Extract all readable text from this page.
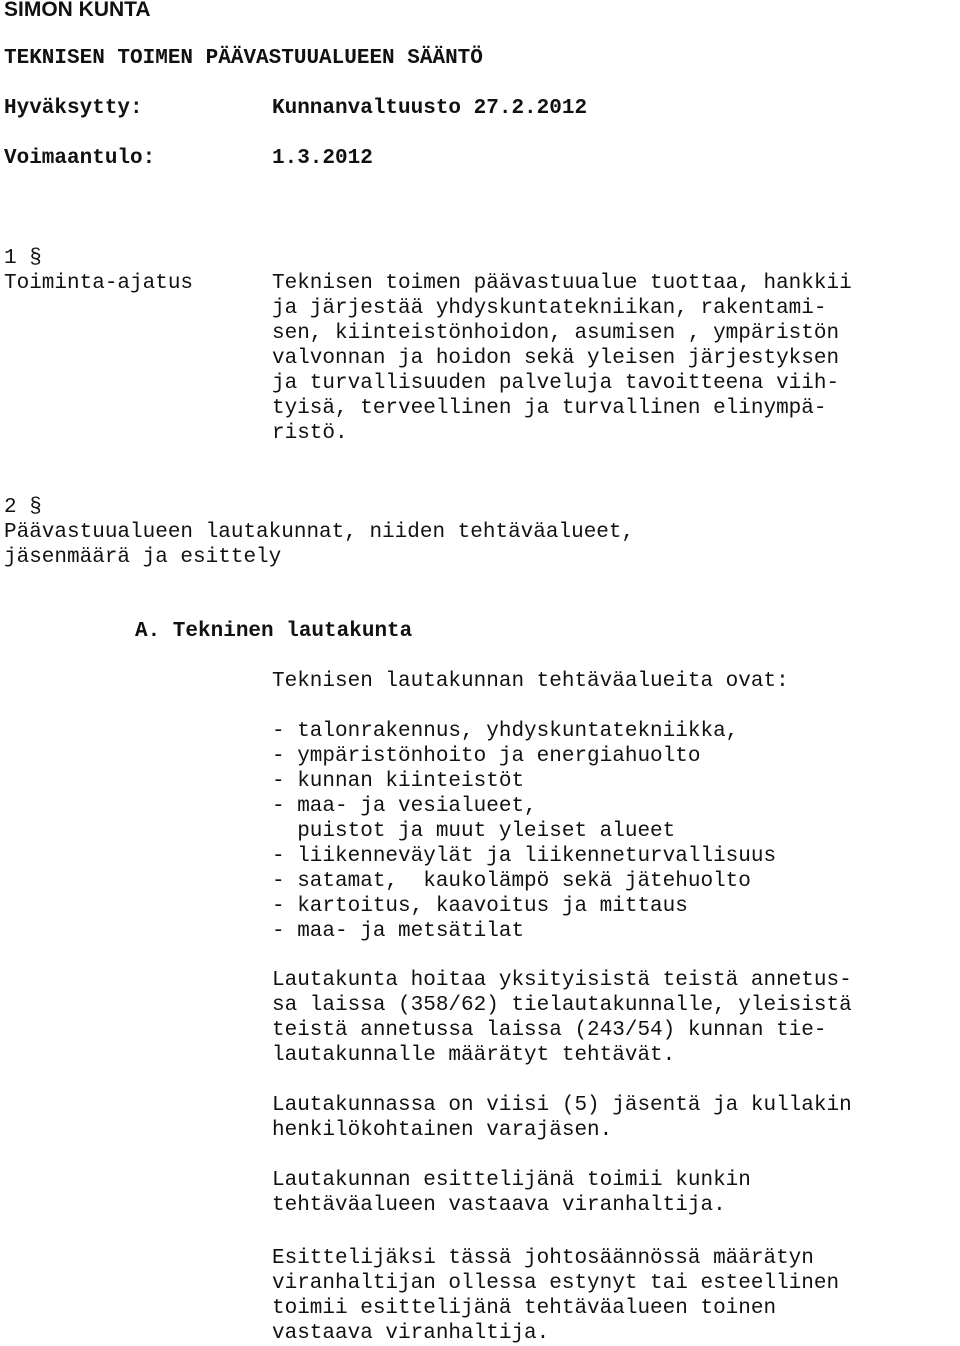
SIMON KUNTA
TEKNISEN TOIMEN PÄÄVASTUUALUEEN SÄÄNTÖ
Hyväksytty:	Kunnanvaltuusto 27.2.2012
Voimaantulo:	1.3.2012
1 §
Toiminta-ajatus	Teknisen toimen päävastuualue tuottaa, hankkii
ja järjestää yhdyskuntatekniikan, rakentami-
sen, kiinteistönhoidon, asumisen , ympäristön
valvonnan ja hoidon sekä yleisen järjestyksen
ja turvallisuuden palveluja tavoitteena viih-
tyisä, terveellinen ja turvallinen elinympä-
ristö.
2 §
Päävastuualueen lautakunnat, niiden tehtäväalueet,
jäsenmäärä ja esittely
A. Tekninen lautakunta
Teknisen lautakunnan tehtäväalueita ovat:
- talonrakennus, yhdyskuntatekniikka,
- ympäristönhoito ja energiahuolto
- kunnan kiinteistöt
- maa- ja vesialueet,
puistot ja muut yleiset alueet
- liikenneväylät ja liikenneturvallisuus
- satamat,  kaukolämpö sekä jätehuolto
- kartoitus, kaavoitus ja mittaus
- maa- ja metsätilat
Lautakunta hoitaa yksityisistä teistä annetus-
sa laissa (358/62) tielautakunnalle, yleisistä
teistä annetussa laissa (243/54) kunnan tie-
lautakunnalle määrätyt tehtävät.
Lautakunnassa on viisi (5) jäsentä ja kullakin
henkilökohtainen varajäsen.
Lautakunnan esittelijänä toimii kunkin
tehtäväalueen vastaava viranhaltija.
Esittelijäksi tässä johtosäännössä määrätyn
viranhaltijan ollessa estynyt tai esteellinen
toimii esittelijänä tehtäväalueen toinen
vastaava viranhaltija.
